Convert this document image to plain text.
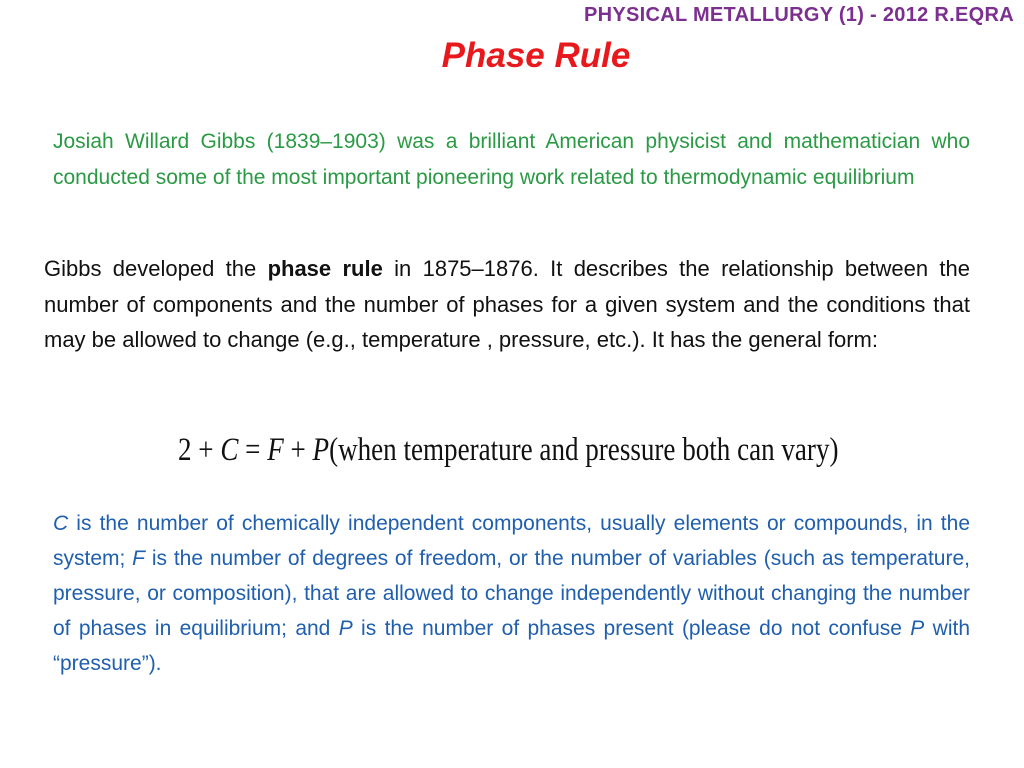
PHYSICAL METALLURGY (1) - 2012 R.EQRA
Phase Rule

Josiah Willard Gibbs (1839–1903) was a brilliant American physicist and mathematician who conducted some of the most important pioneering work related to thermodynamic equilibrium

Gibbs developed the phase rule in 1875–1876. It describes the relationship between the number of components and the number of phases for a given system and the conditions that may be allowed to change (e.g., temperature , pressure, etc.). It has the general form:

2 + C = F + P(when temperature and pressure both can vary)

C is the number of chemically independent components, usually elements or compounds, in the system; F is the number of degrees of freedom, or the number of variables (such as temperature, pressure, or composition), that are allowed to change independently without changing the number of phases in equilibrium; and P is the number of phases present (please do not confuse P with “pressure”).
